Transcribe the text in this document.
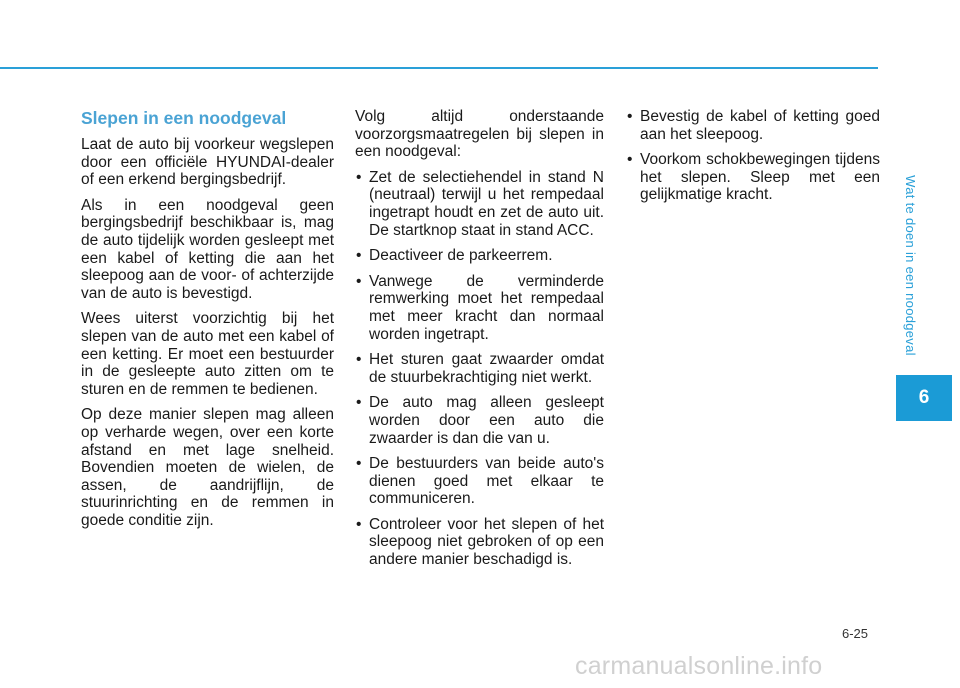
Slepen in een noodgeval

Laat de auto bij voorkeur wegslepen door een officiële HYUNDAI-dealer of een erkend bergingsbedrijf.

Als in een noodgeval geen bergingsbedrijf beschikbaar is, mag de auto tijdelijk worden gesleept met een kabel of ketting die aan het sleepoog aan de voor- of achterzijde van de auto is bevestigd.

Wees uiterst voorzichtig bij het slepen van de auto met een kabel of een ketting. Er moet een bestuurder in de gesleepte auto zitten om te sturen en de remmen te bedienen.

Op deze manier slepen mag alleen op verharde wegen, over een korte afstand en met lage snelheid. Bovendien moeten de wielen, de assen, de aandrijflijn, de stuurinrichting en de remmen in goede conditie zijn.

Volg altijd onderstaande voorzorgsmaatregelen bij slepen in een noodgeval:

• Zet de selectiehendel in stand N (neutraal) terwijl u het rempedaal ingetrapt houdt en zet de auto uit. De startknop staat in stand ACC.
• Deactiveer de parkeerrem.
• Vanwege de verminderde remwerking moet het rempedaal met meer kracht dan normaal worden ingetrapt.
• Het sturen gaat zwaarder omdat de stuurbekrachtiging niet werkt.
• De auto mag alleen gesleept worden door een auto die zwaarder is dan die van u.
• De bestuurders van beide auto's dienen goed met elkaar te communiceren.
• Controleer voor het slepen of het sleepoog niet gebroken of op een andere manier beschadigd is.
• Bevestig de kabel of ketting goed aan het sleepoog.
• Voorkom schokbewegingen tijdens het slepen. Sleep met een gelijkmatige kracht.	Wat te doen in een noodgeval
6
6-25
carmanualsonline.info
